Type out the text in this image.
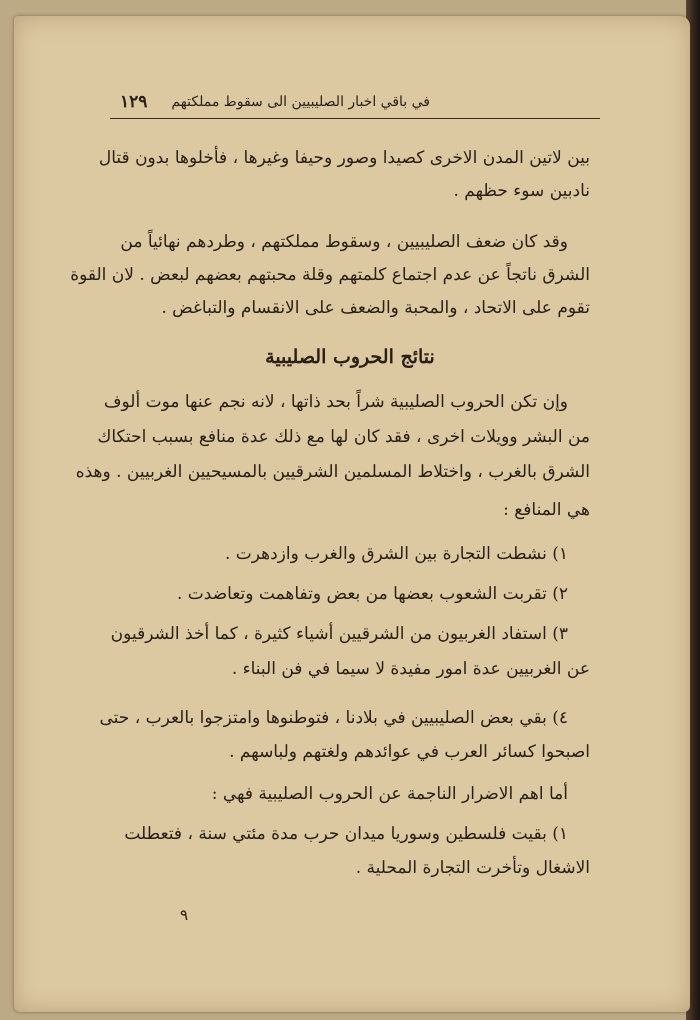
في باقي اخبار الصليبيين الى سقوط مملكتهم
١٢٩
بين لاتين المدن الاخرى كصيدا وصور وحيفا وغيرها ، فأخلوها بدون قتال
نادبين سوء حظهم .
وقد كان ضعف الصليبيين ، وسقوط مملكتهم ، وطردهم نهائياً من
الشرق ناتجاً عن عدم اجتماع كلمتهم وقلة محبتهم بعضهم لبعض . لان القوة
تقوم على الاتحاد ، والمحبة والضعف على الانقسام والتباغض .
نتائج الحروب الصليبية
وإن تكن الحروب الصليبية شراً بحد ذاتها ، لانه نجم عنها موت ألوف
من البشر وويلات اخرى ، فقد كان لها مع ذلك عدة منافع بسبب احتكاك
الشرق بالغرب ، واختلاط المسلمين الشرقيين بالمسيحيين الغربيين . وهذه
هي المنافع :
١) نشطت التجارة بين الشرق والغرب وازدهرت .
٢) تقربت الشعوب بعضها من بعض وتفاهمت وتعاضدت .
٣) استفاد الغربيون من الشرقيين أشياء كثيرة ، كما أخذ الشرقيون
عن الغربيين عدة امور مفيدة لا سيما في فن البناء .
٤) بقي بعض الصليبيين في بلادنا ، فتوطنوها وامتزجوا بالعرب ، حتى
اصبحوا كسائر العرب في عوائدهم ولغتهم ولباسهم .
أما اهم الاضرار الناجمة عن الحروب الصليبية فهي :
١) بقيت فلسطين وسوريا ميدان حرب مدة مئتي سنة ، فتعطلت
الاشغال وتأخرت التجارة المحلية .
٩
